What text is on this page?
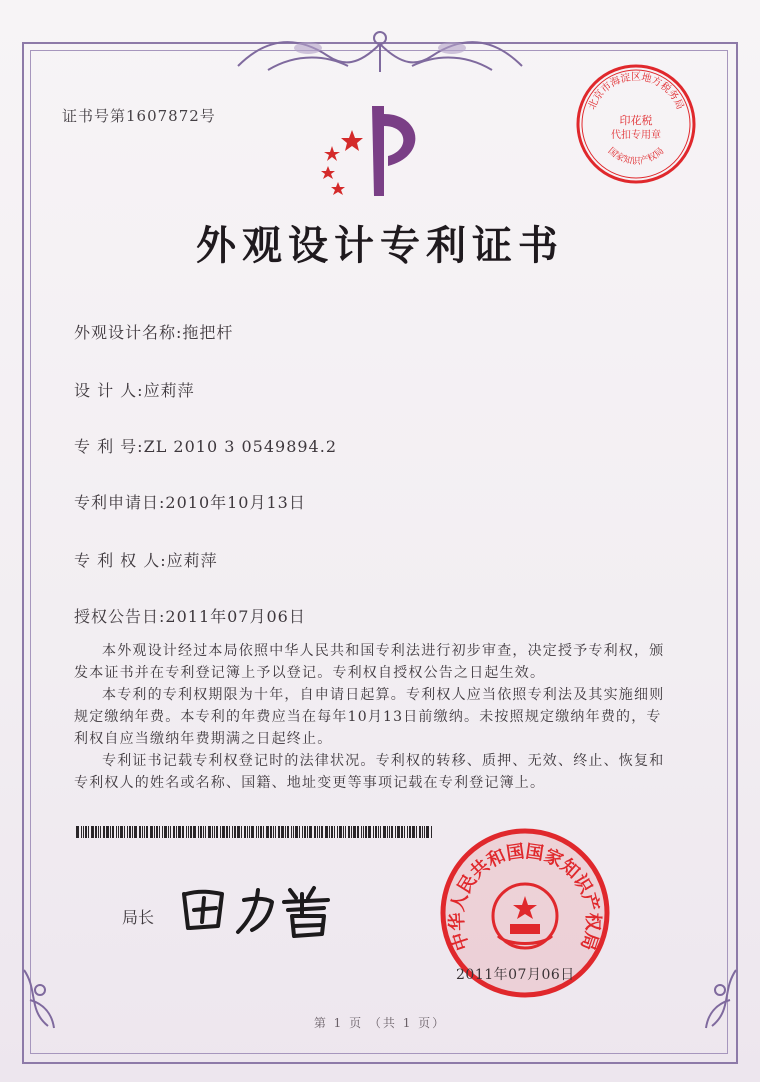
证书号第1607872号
外观设计专利证书
外观设计名称:拖把杆
设 计 人:应莉萍
专 利 号:ZL 2010 3 0549894.2
专利申请日:2010年10月13日
专 利 权 人:应莉萍
授权公告日:2011年07月06日

本外观设计经过本局依照中华人民共和国专利法进行初步审查，决定授予专利权，颁发本证书并在专利登记簿上予以登记。专利权自授权公告之日起生效。

本专利的专利权期限为十年，自申请日起算。专利权人应当依照专利法及其实施细则规定缴纳年费。本专利的年费应当在每年10月13日前缴纳。未按照规定缴纳年费的，专利权自应当缴纳年费期满之日起终止。

专利证书记载专利权登记时的法律状况。专利权的转移、质押、无效、终止、恢复和专利权人的姓名或名称、国籍、地址变更等事项记载在专利登记簿上。

局长
北京市海淀区地方税务局
印花税
代扣专用章
国家知识产权局
中华人民共和国国家知识产权局
2011年07月06日
第 1 页 （共 1 页）
